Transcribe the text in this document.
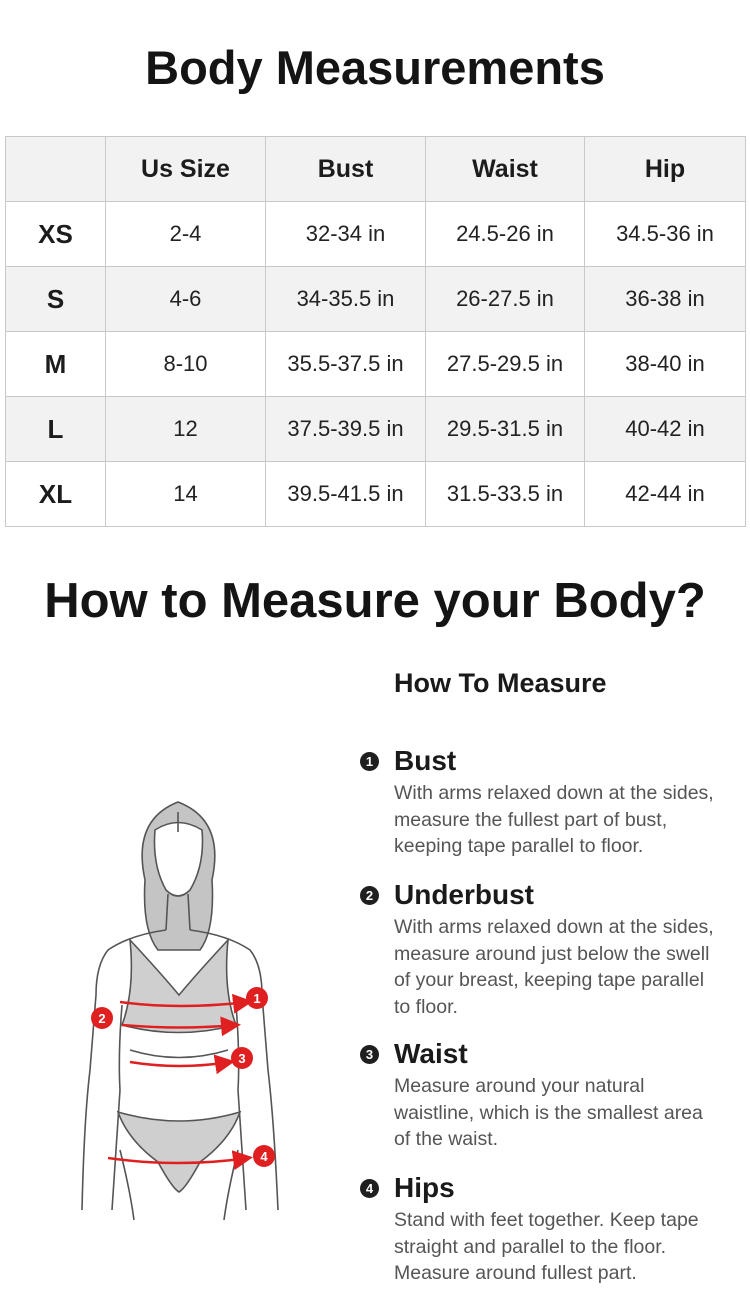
Body Measurements
	Us Size	Bust	Waist	Hip
XS	2-4	32-34 in	24.5-26 in	34.5-36 in
S	4-6	34-35.5 in	26-27.5 in	36-38 in
M	8-10	35.5-37.5 in	27.5-29.5 in	38-40 in
L	12	37.5-39.5 in	29.5-31.5 in	40-42 in
XL	14	39.5-41.5 in	31.5-33.5 in	42-44 in
How to Measure your Body?
1
2
3
4
How To Measure
1 Bust
With arms relaxed down at the sides,
measure the fullest part of bust,
keeping tape parallel to floor.
2 Underbust
With arms relaxed down at the sides,
measure around just below the swell
of your breast, keeping tape parallel
to floor.
3 Waist
Measure around your natural
waistline, which is the smallest area
of the waist.
4 Hips
Stand with feet together. Keep tape
straight and parallel to the floor.
Measure around fullest part.
